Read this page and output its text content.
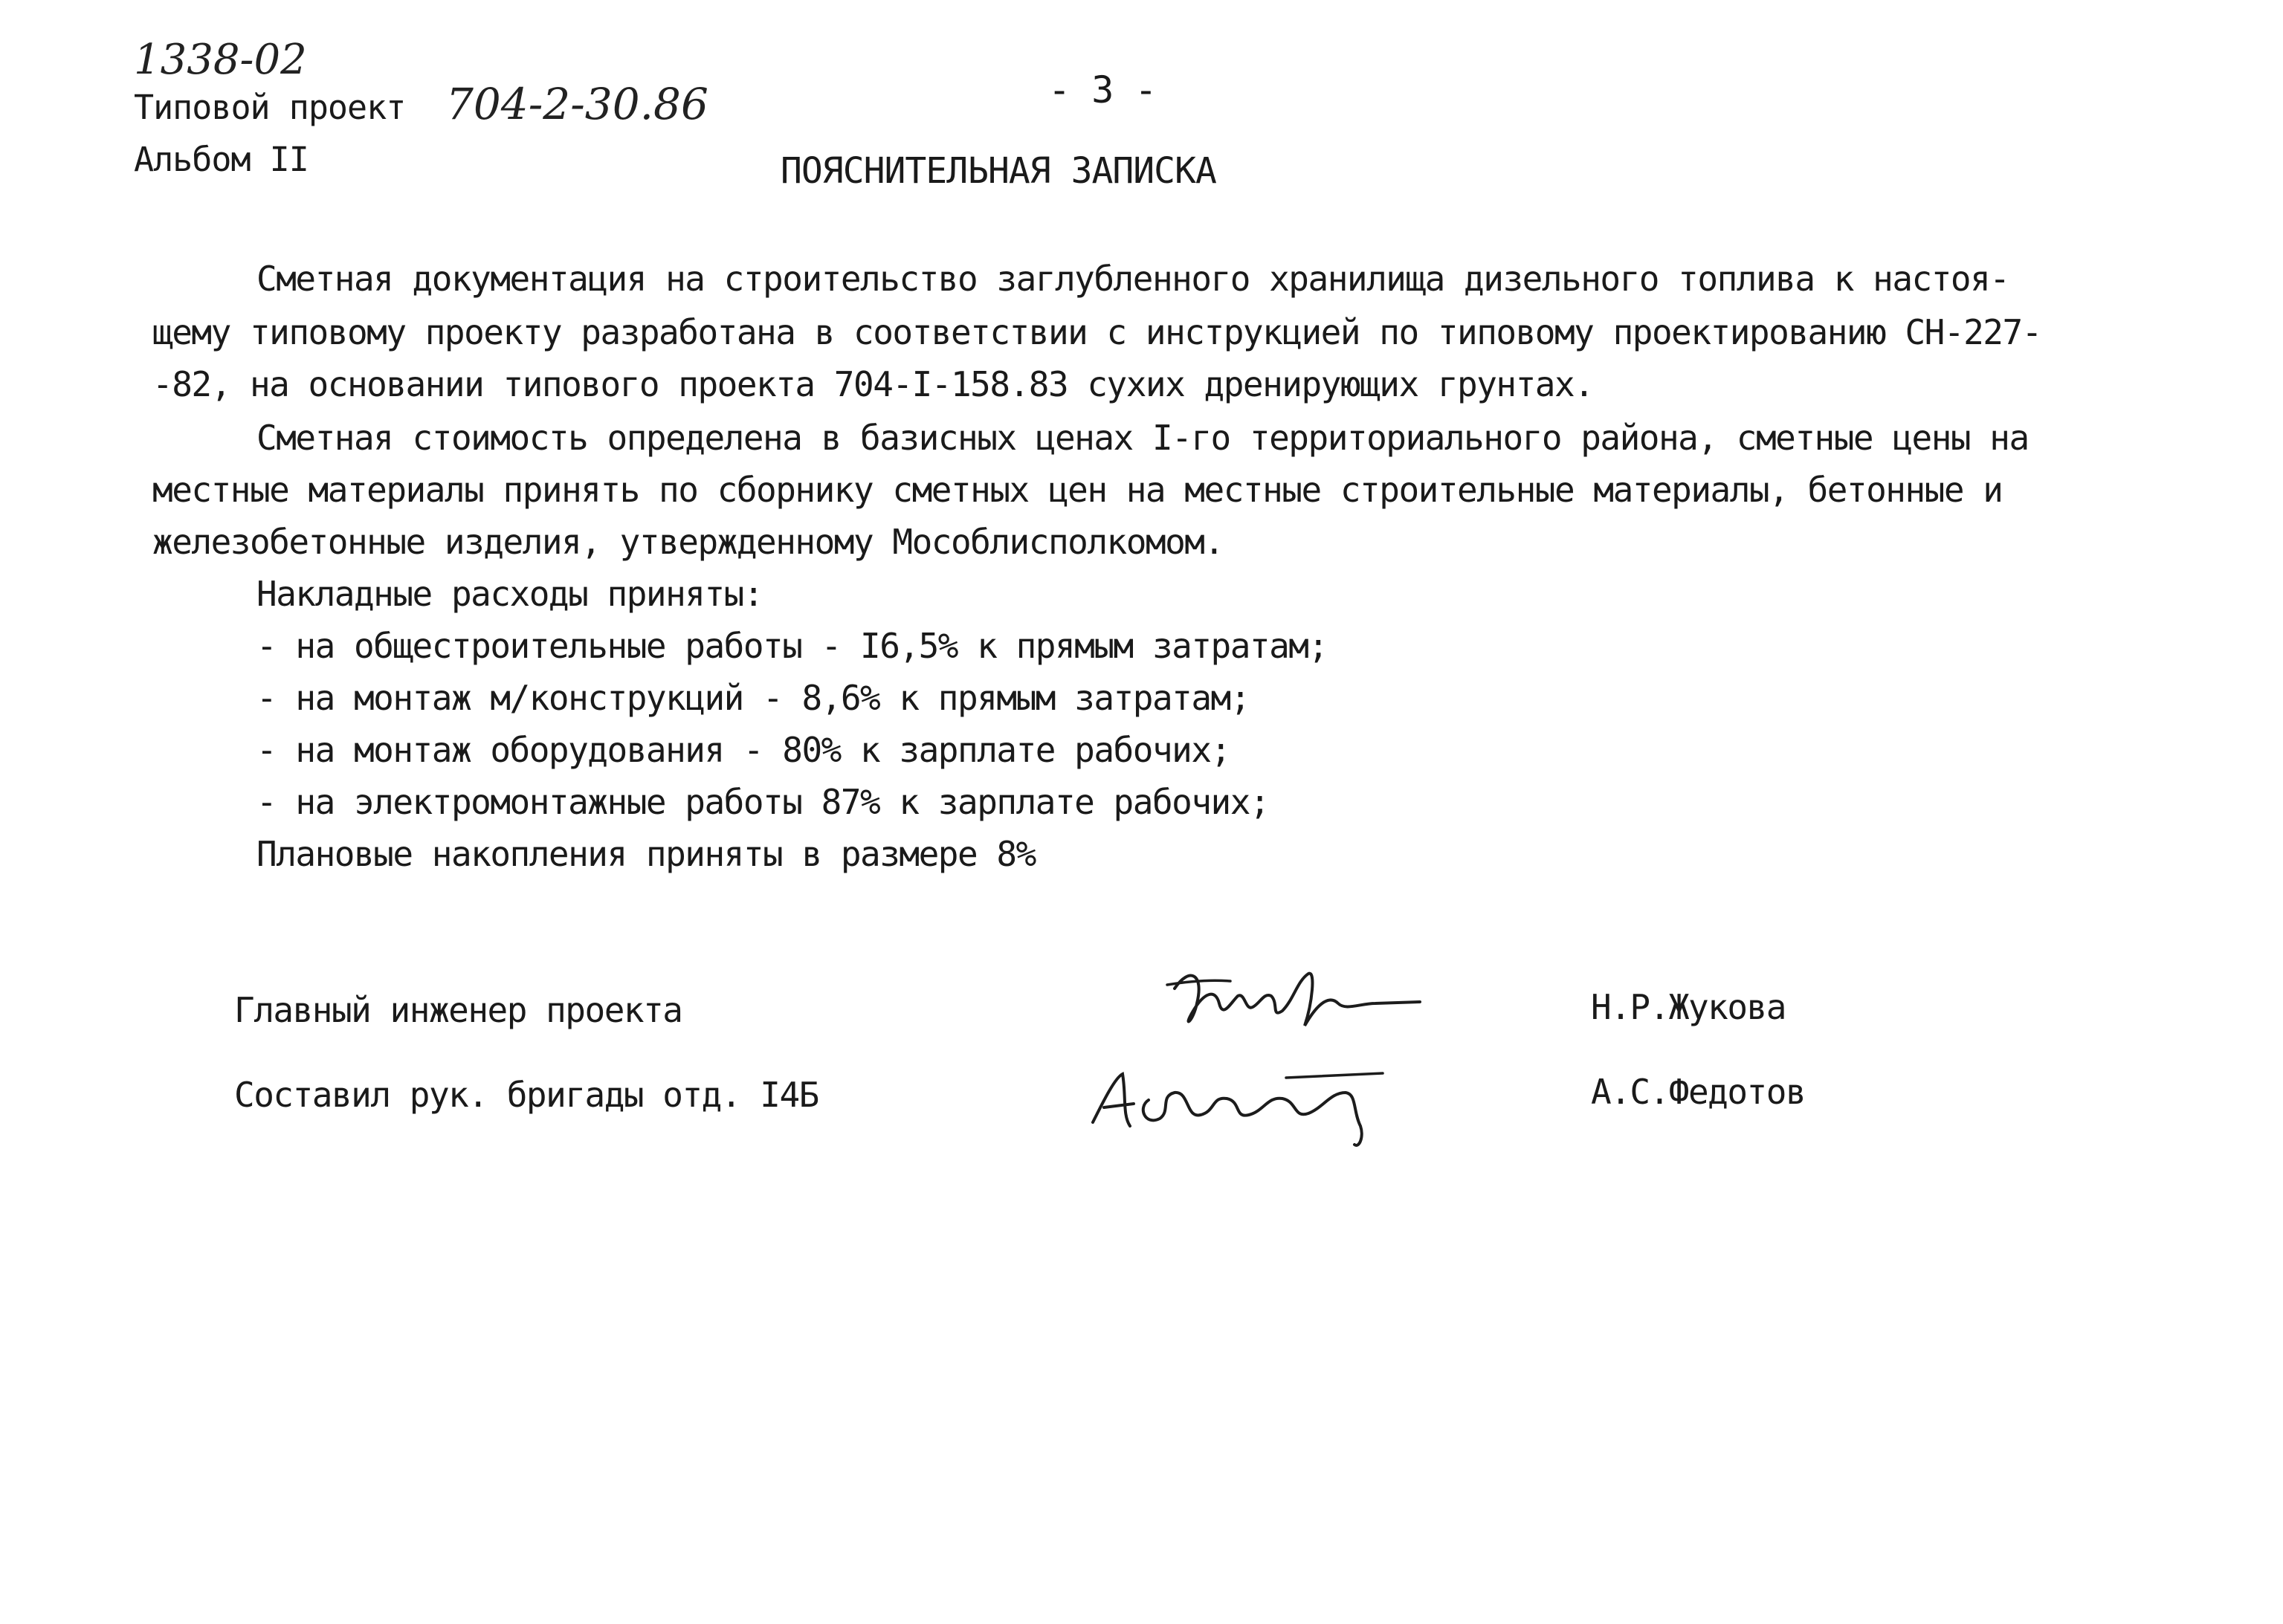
1338-02
Типовой проект 704-2-30.86
Альбом II
- 3 -
ПОЯСНИТЕЛЬНАЯ ЗАПИСКА
Сметная документация на строительство заглубленного хранилища дизельного топлива к настоя-
щему типовому проекту разработана в соответствии с инструкцией по типовому проектированию СН-227-
-82, на основании типового проекта 704-I-158.83 сухих дренирующих грунтах.
Сметная стоимость определена в базисных ценах I-го территориального района, сметные цены на
местные материалы принять по сборнику сметных цен на местные строительные материалы, бетонные и
железобетонные изделия, утвержденному Мособлисполкомом.
Накладные расходы приняты:
- на общестроительные работы - I6,5% к прямым затратам;
- на монтаж м/конструкций - 8,6% к прямым затратам;
- на монтаж оборудования - 80% к зарплате рабочих;
- на электромонтажные работы 87% к зарплате рабочих;
Плановые накопления приняты в размере 8%
Главный инженер проекта	Н.Р.Жукова
Составил рук. бригады отд. I4Б	А.С.Федотов
